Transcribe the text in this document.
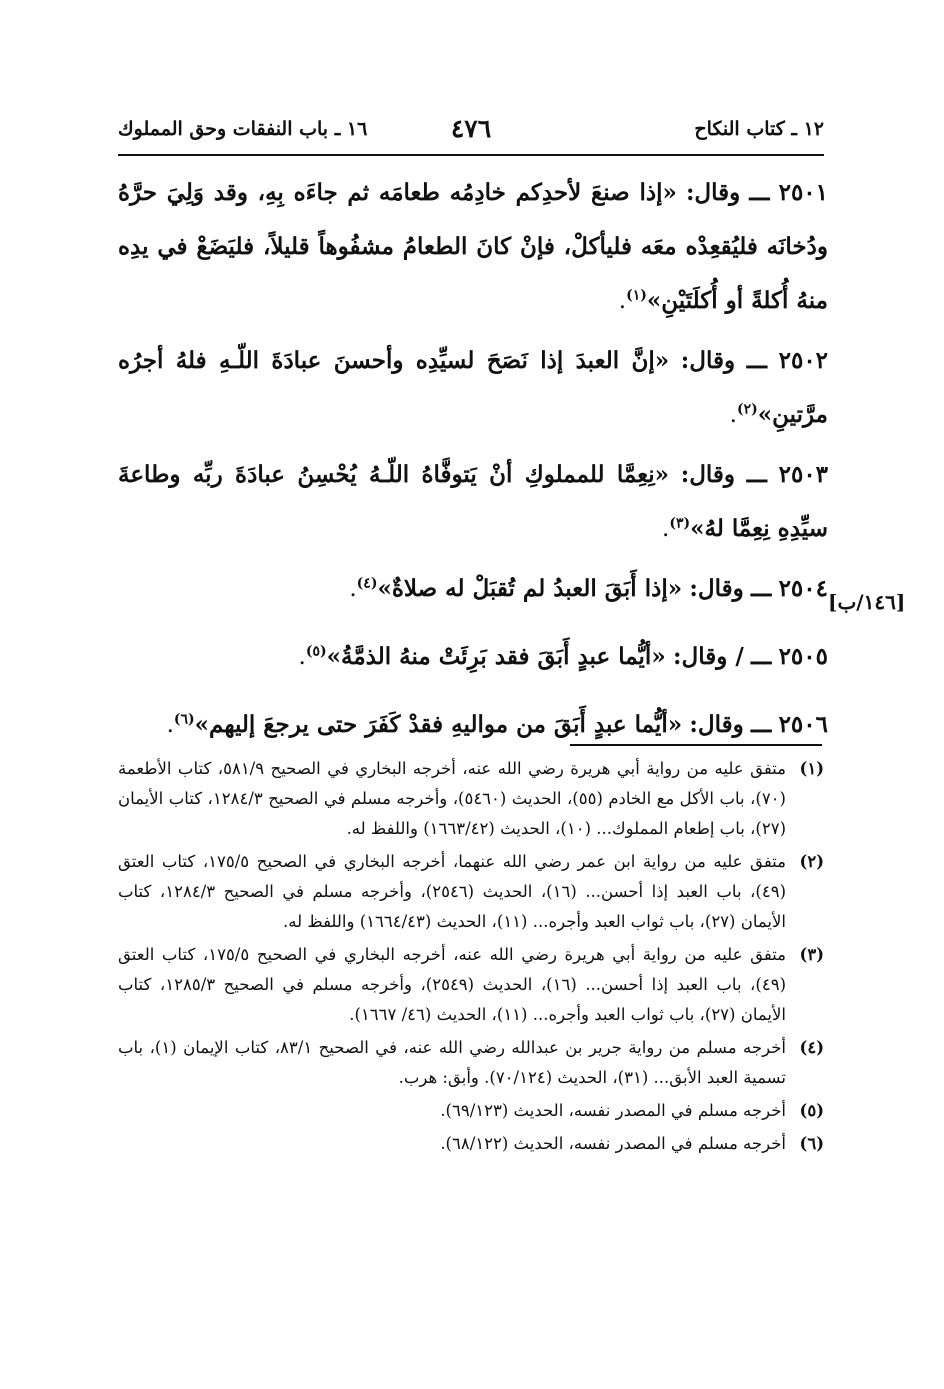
١٢ ـ كتاب النكاح
٤٧٦
١٦ ـ باب النفقات وحق المملوك
[١٤٦/ب]

٢٥٠١ ـــ وقال: «إذا صنعَ لأحدِكم خادِمُه طعامَه ثم جاءَه بِهِ، وقد وَلِيَ حرَّهُ ودُخانَه فليُقعِدْه معَه فليأكلْ، فإنْ كانَ الطعامُ مشفُوهاً قليلاً، فليَضَعْ في يدِه منهُ أُكلةً أو أُكلَتَيْنِ»$^{(١)}$.

٢٥٠٢ ـــ وقال: «إنَّ العبدَ إذا نَصَحَ لسيِّدِه وأحسنَ عبادَةَ اللّـهِ فلهُ أجرُه مرَّتينِ»$^{(٢)}$.

٢٥٠٣ ـــ وقال: «نِعِمَّا للمملوكِ أنْ يَتوفَّاهُ اللّـهُ يُحْسِنُ عبادَةَ ربِّه وطاعةَ سيِّدِهِ نِعِمَّا لهُ»$^{(٣)}$.

٢٥٠٤ ـــ وقال: «إذا أَبَقَ العبدُ لم تُقبَلْ له صلاةٌ»$^{(٤)}$.

٢٥٠٥ ـــ / وقال: «أيُّما عبدٍ أَبَقَ فقد بَرِئَتْ منهُ الذمَّةُ»$^{(٥)}$.

٢٥٠٦ ـــ وقال: «أيُّما عبدٍ أَبَقَ من مواليهِ فقدْ كَفَرَ حتى يرجعَ إليهم»$^{(٦)}$.

(١)
متفق عليه من رواية أبي هريرة رضي الله عنه، أخرجه البخاري في الصحيح ٥٨١/٩، كتاب الأطعمة (٧٠)، باب الأكل مع الخادم (٥٥)، الحديث (٥٤٦٠)، وأخرجه مسلم في الصحيح ١٢٨٤/٣، كتاب الأيمان (٢٧)، باب إطعام المملوك... (١٠)، الحديث (١٦٦٣/٤٢) واللفظ له.
(٢)
متفق عليه من رواية ابن عمر رضي الله عنهما، أخرجه البخاري في الصحيح ١٧٥/٥، كتاب العتق (٤٩)، باب العبد إذا أحسن... (١٦)، الحديث (٢٥٤٦)، وأخرجه مسلم في الصحيح ١٢٨٤/٣، كتاب الأيمان (٢٧)، باب ثواب العبد وأجره... (١١)، الحديث (١٦٦٤/٤٣) واللفظ له.
(٣)
متفق عليه من رواية أبي هريرة رضي الله عنه، أخرجه البخاري في الصحيح ١٧٥/٥، كتاب العتق (٤٩)، باب العبد إذا أحسن... (١٦)، الحديث (٢٥٤٩)، وأخرجه مسلم في الصحيح ١٢٨٥/٣، كتاب الأيمان (٢٧)، باب ثواب العبد وأجره... (١١)، الحديث (٤٦/ ١٦٦٧).
(٤)
أخرجه مسلم من رواية جرير بن عبدالله رضي الله عنه، في الصحيح ٨٣/١، كتاب الإيمان (١)، باب تسمية العبد الأبق... (٣١)، الحديث (٧٠/١٢٤). وأبق: هرب.
(٥)
أخرجه مسلم في المصدر نفسه، الحديث (٦٩/١٢٣).
(٦)
أخرجه مسلم في المصدر نفسه، الحديث (٦٨/١٢٢).
